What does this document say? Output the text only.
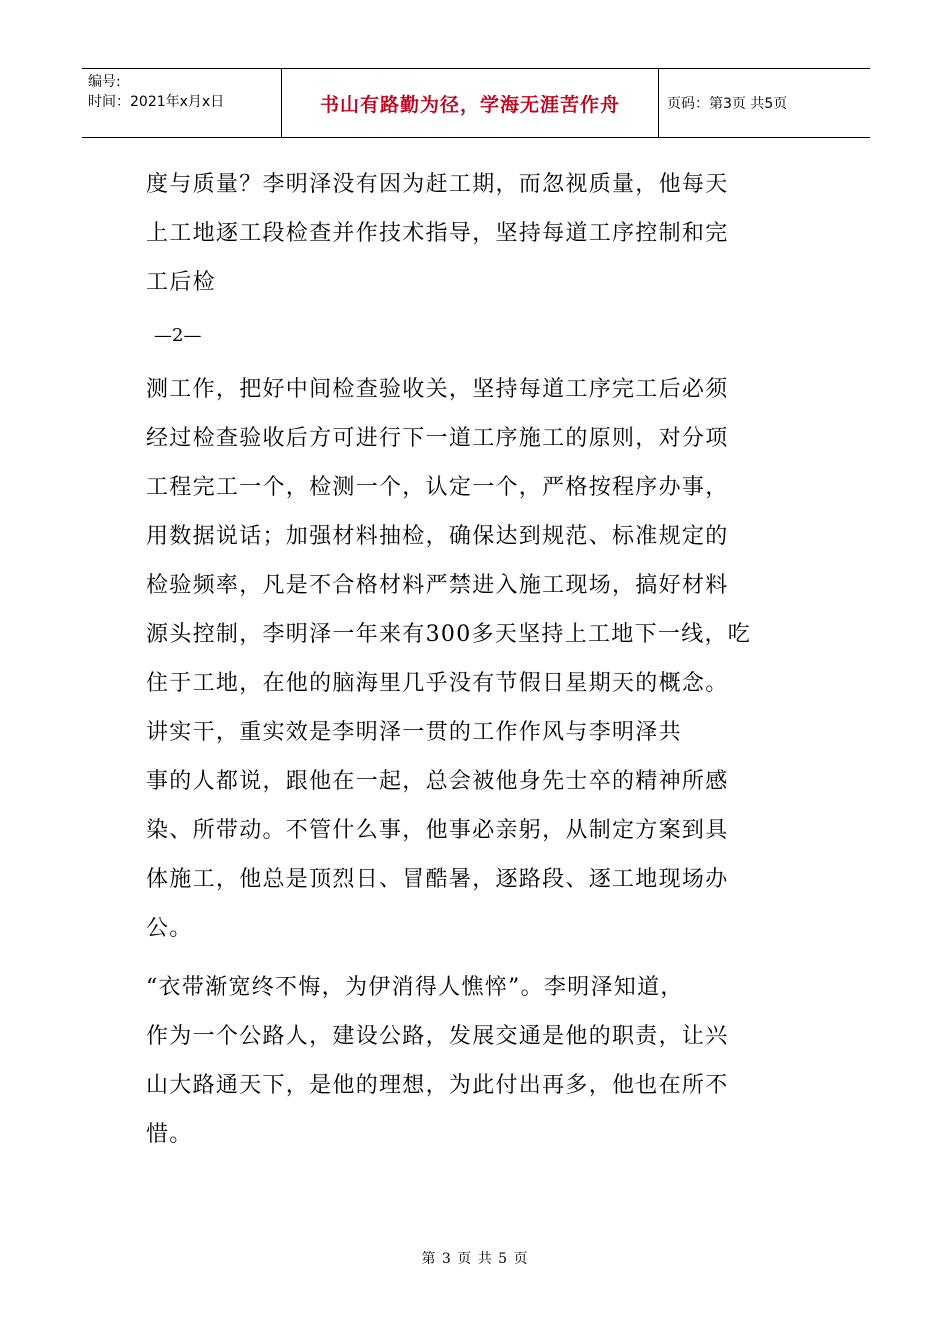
编号:
时间：2021年x月x日	书山有路勤为径，学海无涯苦作舟	页码：第3页 共5页
度与质量？李明泽没有因为赶工期，而忽视质量，他每天
上工地逐工段检查并作技术指导，坚持每道工序控制和完
工后检
—2—
测工作，把好中间检查验收关，坚持每道工序完工后必须
经过检查验收后方可进行下一道工序施工的原则，对分项
工程完工一个，检测一个，认定一个，严格按程序办事，
用数据说话；加强材料抽检，确保达到规范、标准规定的
检验频率，凡是不合格材料严禁进入施工现场，搞好材料
源头控制，李明泽一年来有300多天坚持上工地下一线，吃
住于工地，在他的脑海里几乎没有节假日星期天的概念。
讲实干，重实效是李明泽一贯的工作作风与李明泽共
事的人都说，跟他在一起，总会被他身先士卒的精神所感
染、所带动。不管什么事，他事必亲躬，从制定方案到具
体施工，他总是顶烈日、冒酷暑，逐路段、逐工地现场办
公。
“衣带渐宽终不悔，为伊消得人憔悴”。李明泽知道，
作为一个公路人，建设公路，发展交通是他的职责，让兴
山大路通天下，是他的理想，为此付出再多，他也在所不
惜。
第 3 页 共 5 页
